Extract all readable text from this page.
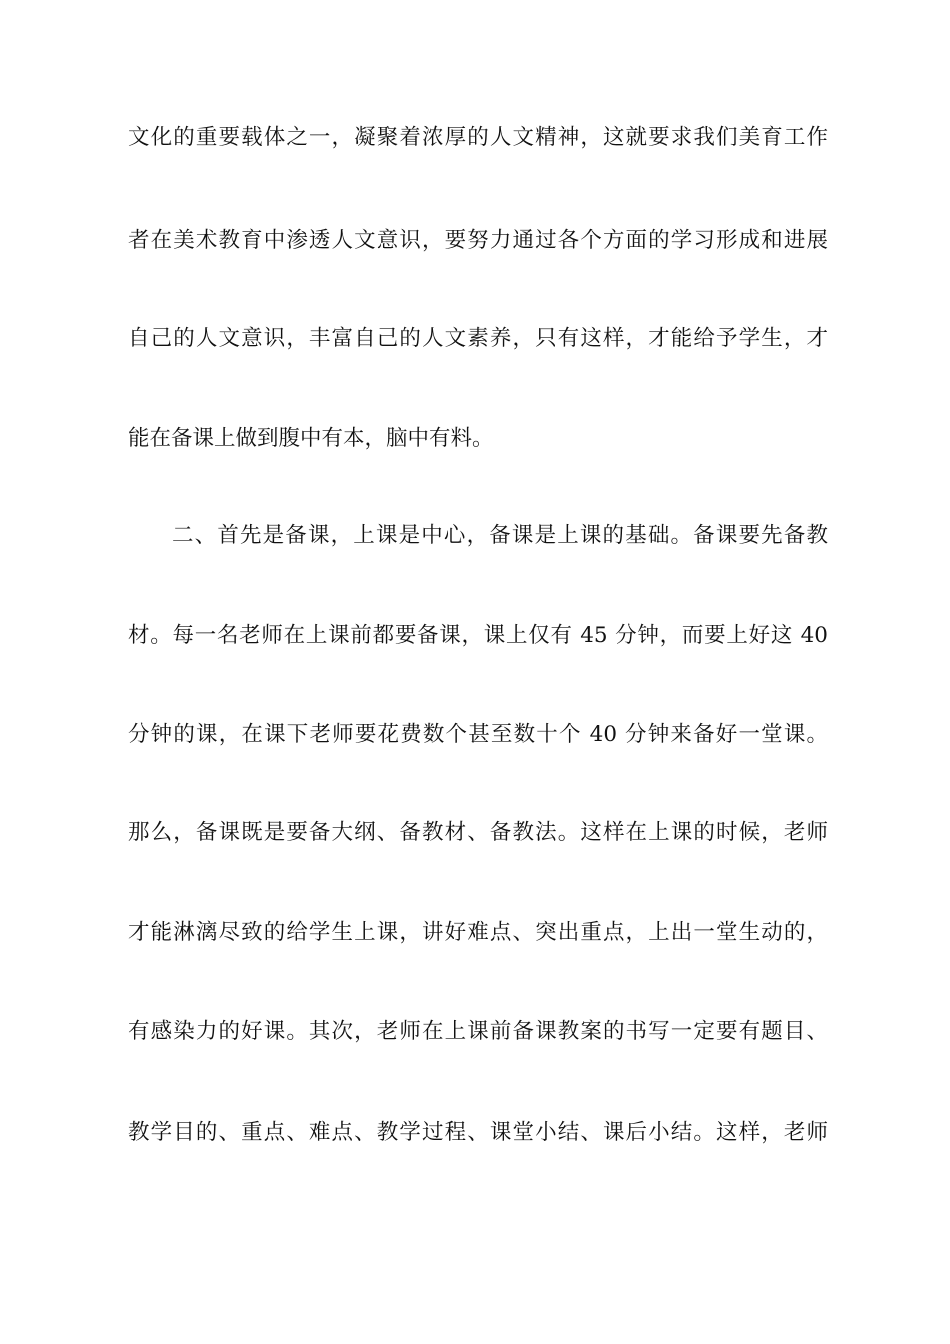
文化的重要载体之一，凝聚着浓厚的人文精神，这就要求我们美育工作
者在美术教育中渗透人文意识，要努力通过各个方面的学习形成和进展
自己的人文意识，丰富自己的人文素养，只有这样，才能给予学生，才
能在备课上做到腹中有本，脑中有料。
二、首先是备课，上课是中心，备课是上课的基础。备课要先备教
材。每一名老师在上课前都要备课，课上仅有 45 分钟，而要上好这 40
分钟的课，在课下老师要花费数个甚至数十个 40 分钟来备好一堂课。
那么，备课既是要备大纲、备教材、备教法。这样在上课的时候，老师
才能淋漓尽致的给学生上课，讲好难点、突出重点，上出一堂生动的，
有感染力的好课。其次，老师在上课前备课教案的书写一定要有题目、
教学目的、重点、难点、教学过程、课堂小结、课后小结。这样，老师
